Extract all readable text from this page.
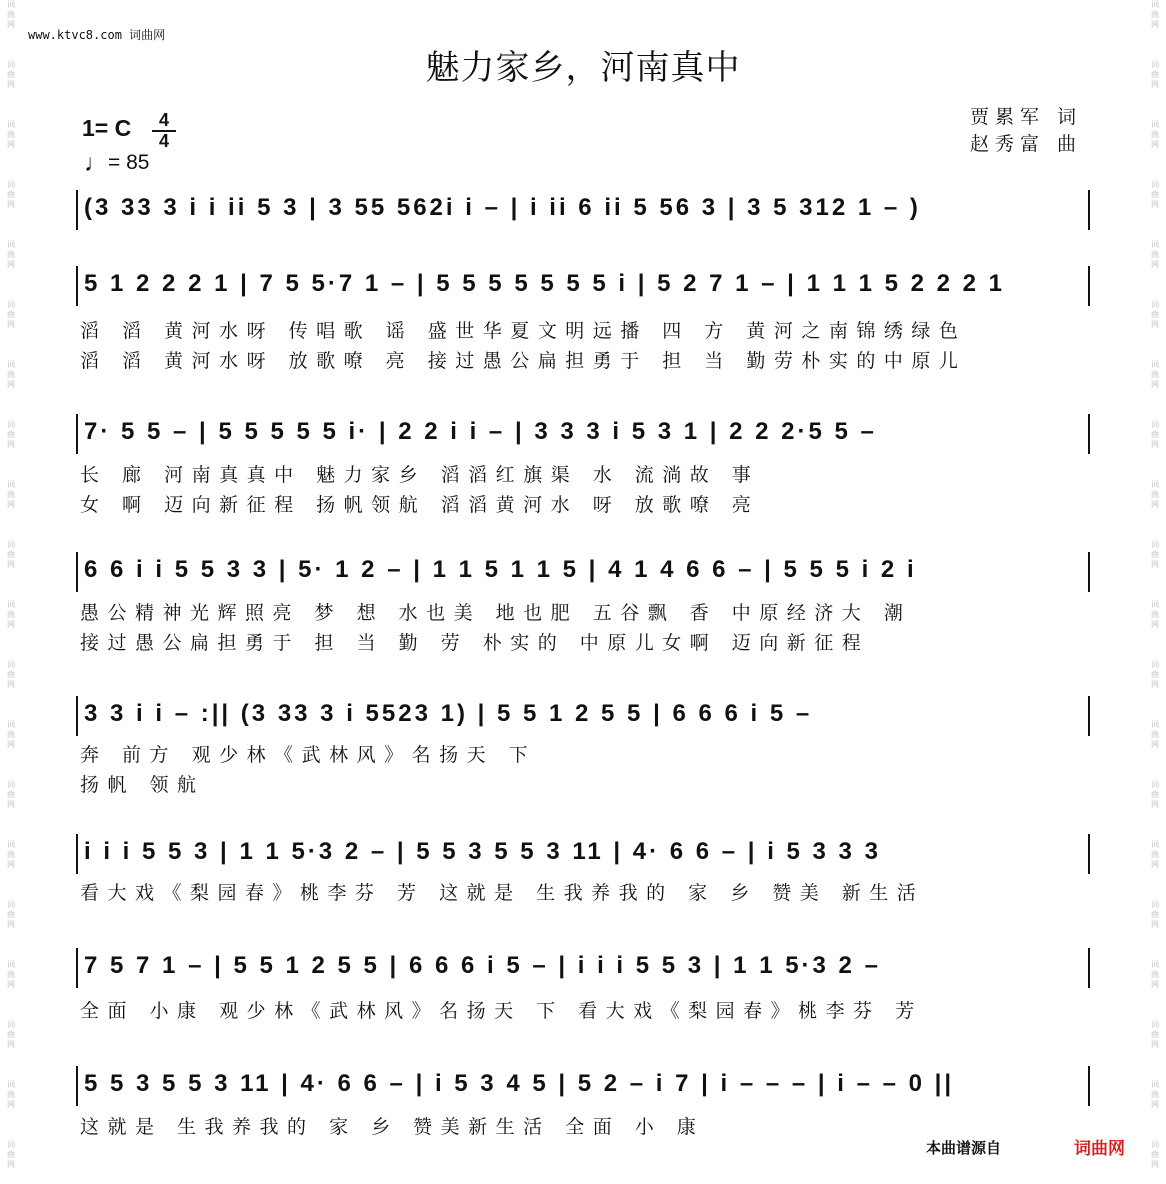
词
曲
网
词
曲
网
词
曲
网
词
曲
网
词
曲
网
词
曲
网
词
曲
网
词
曲
网
词
曲
网
词
曲
网
词
曲
网
词
曲
网
词
曲
网
词
曲
网
词
曲
网
词
曲
网
词
曲
网
词
曲
网
词
曲
网
词
曲
网
词
曲
网
词
曲
网
词
曲
网
词
曲
网
词
曲
网
词
曲
网
词
曲
网
词
曲
网
词
曲
网
词
曲
网
词
曲
网
词
曲
网
词
曲
网
词
曲
网
词
曲
网
词
曲
网
词
曲
网
词
曲
网
词
曲
网
词
曲
网
www.ktvc8.com 词曲网
魅力家乡，河南真中
1= C	4
4
♩= 85
贾累军 词
赵秀富 曲
(3 33 3 i i ii 5 3 | 3 55 562i i – | i ii 6 ii 5 56 3 | 3 5 312 1 – )
5 1 2 2 2 1 | 7 5 5·7 1 – | 5 5 5 5 5 5 5 i | 5 2 7 1 – | 1 1 1 5 2 2 2 1
滔 滔 黄河水呀 传唱歌 谣 盛世华夏文明远播 四 方 黄河之南锦绣绿色
滔 滔 黄河水呀 放歌嘹 亮 接过愚公扁担勇于 担 当 勤劳朴实的中原儿
7· 5 5 – | 5 5 5 5 5 i· | 2 2 i i – | 3 3 3 i 5 3 1 | 2 2 2·5 5 –
长 廊 河南真真中 魅力家乡 滔滔红旗渠 水 流淌故 事
女 啊 迈向新征程 扬帆领航 滔滔黄河水 呀 放歌嘹 亮
6 6 i i 5 5 3 3 | 5· 1 2 – | 1 1 5 1 1 5 | 4 1 4 6 6 – | 5 5 5 i 2 i
愚公精神光辉照亮 梦 想 水也美 地也肥 五谷飘 香 中原经济大 潮
接过愚公扁担勇于 担 当 勤 劳 朴实的 中原儿女啊 迈向新征程
3 3 i i – :|| (3 33 3 i 5523 1) | 5 5 1 2 5 5 | 6 6 6 i 5 –
奔 前方 观少林《武林风》名扬天 下
扬帆 领航
i i i 5 5 3 | 1 1 5·3 2 – | 5 5 3 5 5 3 11 | 4· 6 6 – | i 5 3 3 3
看大戏《梨园春》桃李芬 芳 这就是 生我养我的 家 乡 赞美 新生活
7 5 7 1 – | 5 5 1 2 5 5 | 6 6 6 i 5 – | i i i 5 5 3 | 1 1 5·3 2 –
全面 小康 观少林《武林风》名扬天 下 看大戏《梨园春》桃李芬 芳
5 5 3 5 5 3 11 | 4· 6 6 – | i 5 3 4 5 | 5 2 – i 7 | i – – – | i – – 0 ||
这就是 生我养我的 家 乡 赞美新生活 全面 小 康
本曲谱源自	词曲网
